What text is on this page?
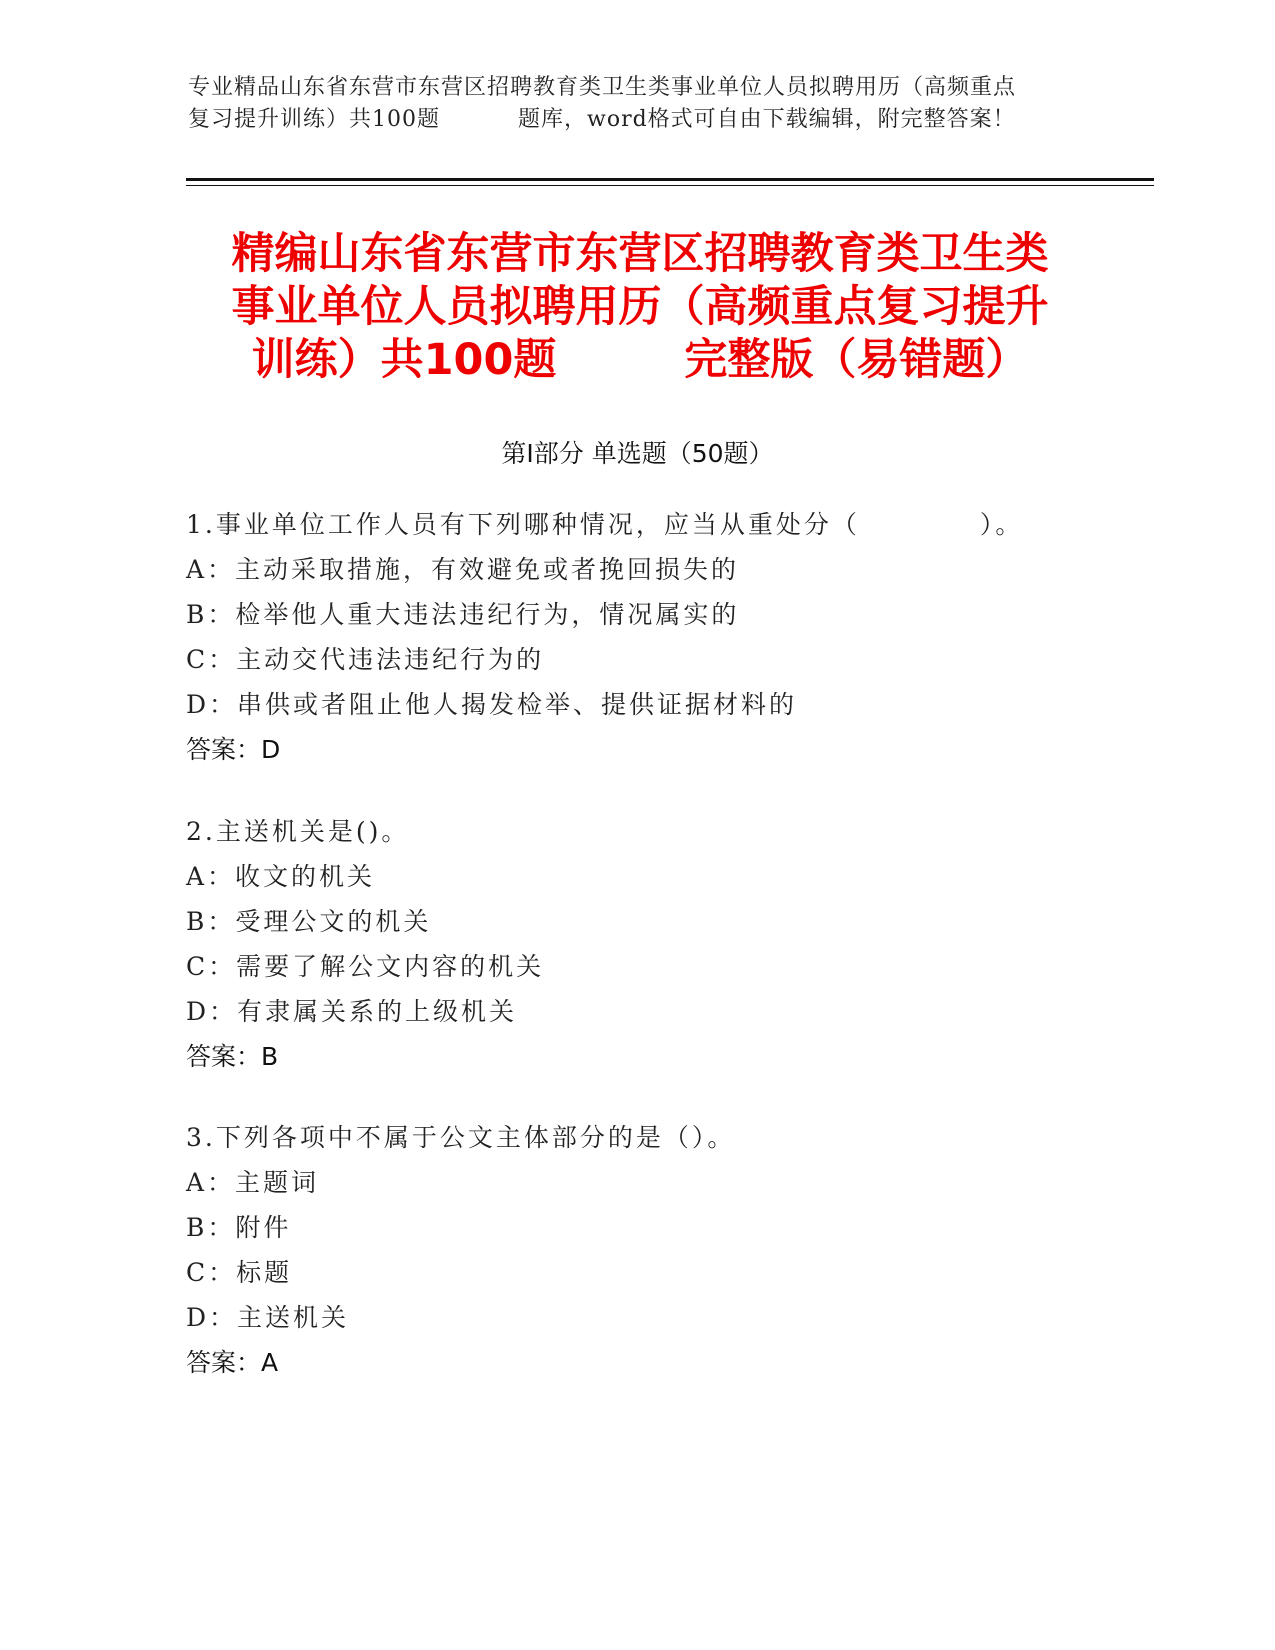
专业精品山东省东营市东营区招聘教育类卫生类事业单位人员拟聘用历（高频重点
复习提升训练）共100题	题库，word格式可自由下载编辑，附完整答案！
精编山东省东营市东营区招聘教育类卫生类
事业单位人员拟聘用历（高频重点复习提升
训练）共100题	完整版（易错题）
第Ⅰ部分 单选题（50题）
1.事业单位工作人员有下列哪种情况，应当从重处分（	）。
A：主动采取措施，有效避免或者挽回损失的
B：检举他人重大违法违纪行为，情况属实的
C：主动交代违法违纪行为的
D：串供或者阻止他人揭发检举、提供证据材料的
答案：D
2.主送机关是()。
A：收文的机关
B：受理公文的机关
C：需要了解公文内容的机关
D：有隶属关系的上级机关
答案：B
3.下列各项中不属于公文主体部分的是（）。
A：主题词
B：附件
C：标题
D：主送机关
答案：A
